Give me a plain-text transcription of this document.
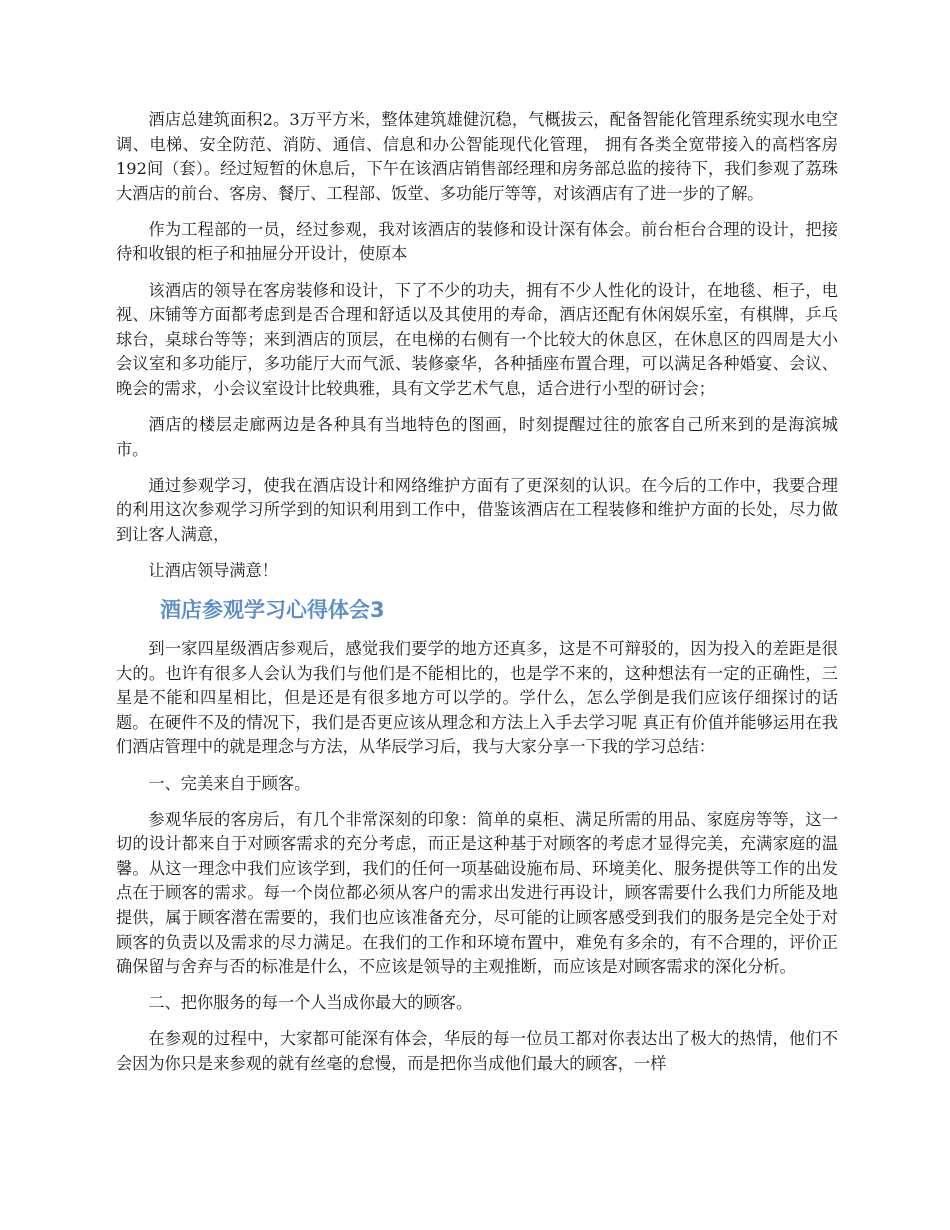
酒店总建筑面积2。3万平方米，整体建筑雄健沉稳，气概拔云，配备智能化管理系统实现水电空调、电梯、安全防范、消防、通信、信息和办公智能现代化管理， 拥有各类全宽带接入的高档客房192间（套）。经过短暂的休息后，下午在该酒店销售部经理和房务部总监的接待下，我们参观了荔珠大酒店的前台、客房、餐厅、工程部、饭堂、多功能厅等等，对该酒店有了进一步的了解。

作为工程部的一员，经过参观，我对该酒店的装修和设计深有体会。前台柜台合理的设计，把接待和收银的柜子和抽屉分开设计，使原本

该酒店的领导在客房装修和设计，下了不少的功夫，拥有不少人性化的设计，在地毯、柜子，电视、床铺等方面都考虑到是否合理和舒适以及其使用的寿命，酒店还配有休闲娱乐室，有棋牌，乒乓球台，桌球台等等；来到酒店的顶层，在电梯的右侧有一个比较大的休息区，在休息区的四周是大小会议室和多功能厅，多功能厅大而气派、装修豪华，各种插座布置合理，可以满足各种婚宴、会议、晚会的需求，小会议室设计比较典雅，具有文学艺术气息，适合进行小型的研讨会；

酒店的楼层走廊两边是各种具有当地特色的图画，时刻提醒过往的旅客自己所来到的是海滨城市。

通过参观学习，使我在酒店设计和网络维护方面有了更深刻的认识。在今后的工作中，我要合理的利用这次参观学习所学到的知识利用到工作中，借鉴该酒店在工程装修和维护方面的长处，尽力做到让客人满意，

让酒店领导满意！

酒店参观学习心得体会3

到一家四星级酒店参观后，感觉我们要学的地方还真多，这是不可辩驳的，因为投入的差距是很大的。也许有很多人会认为我们与他们是不能相比的，也是学不来的，这种想法有一定的正确性，三星是不能和四星相比，但是还是有很多地方可以学的。学什么，怎么学倒是我们应该仔细探讨的话题。在硬件不及的情况下，我们是否更应该从理念和方法上入手去学习呢 真正有价值并能够运用在我们酒店管理中的就是理念与方法，从华辰学习后，我与大家分享一下我的学习总结：

一、完美来自于顾客。

参观华辰的客房后，有几个非常深刻的印象：简单的桌柜、满足所需的用品、家庭房等等，这一切的设计都来自于对顾客需求的充分考虑，而正是这种基于对顾客的考虑才显得完美，充满家庭的温馨。从这一理念中我们应该学到，我们的任何一项基础设施布局、环境美化、服务提供等工作的出发点在于顾客的需求。每一个岗位都必须从客户的需求出发进行再设计，顾客需要什么我们力所能及地提供，属于顾客潜在需要的，我们也应该准备充分，尽可能的让顾客感受到我们的服务是完全处于对顾客的负责以及需求的尽力满足。在我们的工作和环境布置中，难免有多余的，有不合理的，评价正确保留与舍弃与否的标准是什么，不应该是领导的主观推断，而应该是对顾客需求的深化分析。

二、把你服务的每一个人当成你最大的顾客。

在参观的过程中，大家都可能深有体会，华辰的每一位员工都对你表达出了极大的热情，他们不会因为你只是来参观的就有丝毫的怠慢，而是把你当成他们最大的顾客，一样
